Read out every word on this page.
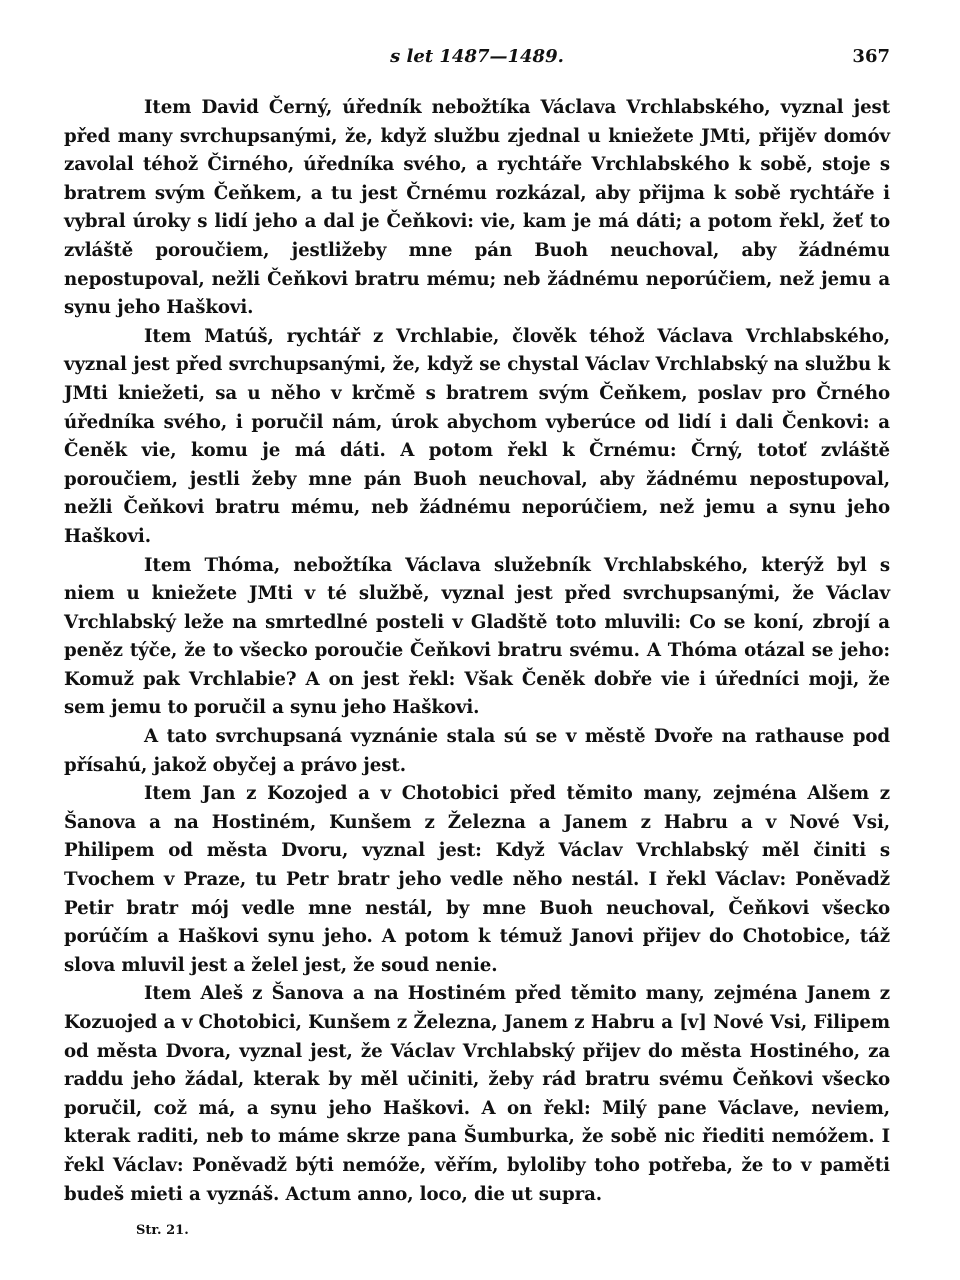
s let 1487—1489.	367

Item David Černý, úředník nebožtíka Václava Vrchlabského, vyznal jest před many svrchupsanými, že, když službu zjednal u kniežete JMti, přijěv domóv zavolal téhož Čirného, úředníka svého, a rychtáře Vrchlabského k sobě, stoje s bratrem svým Čeňkem, a tu jest Črnému rozkázal, aby přijma k sobě rychtáře i vybral úroky s lidí jeho a dal je Čeňkovi: vie, kam je má dáti; a potom řekl, žeť to zvláště poroučiem, jestližeby mne pán Buoh neuchoval, aby žádnému nepostupoval, nežli Čeňkovi bratru mému; neb žádnému neporúčiem, než jemu a synu jeho Haškovi.

Item Matúš, rychtář z Vrchlabie, člověk téhož Václava Vrchlabského, vyznal jest před svrchupsanými, že, když se chystal Václav Vrchlabský na službu k JMti kniežeti, sa u něho v krčmě s bratrem svým Čeňkem, poslav pro Črného úředníka svého, i poručil nám, úrok abychom vyberúce od lidí i dali Čenkovi: a Čeněk vie, komu je má dáti. A potom řekl k Črnému: Črný, totoť zvláště poroučiem, jestli žeby mne pán Buoh neuchoval, aby žádnému nepostupoval, nežli Čeňkovi bratru mému, neb žádnému neporúčiem, než jemu a synu jeho Haškovi.

Item Thóma, nebožtíka Václava služebník Vrchlabského, kterýž byl s niem u kniežete JMti v té službě, vyznal jest před svrchupsanými, že Václav Vrchlabský leže na smrtedlné posteli v Gladště toto mluvili: Co se koní, zbrojí a peněz týče, že to všecko poroučie Čeňkovi bratru svému. A Thóma otázal se jeho: Komuž pak Vrchlabie? A on jest řekl: Však Čeněk dobře vie i úředníci moji, že sem jemu to poručil a synu jeho Haškovi.

A tato svrchupsaná vyznánie stala sú se v městě Dvoře na rathause pod přísahú, jakož obyčej a právo jest.

Item Jan z Kozojed a v Chotobici před těmito many, zejména Alšem z Šanova a na Hostiném, Kunšem z Železna a Janem z Habru a v Nové Vsi, Philipem od města Dvoru, vyznal jest: Když Václav Vrchlabský měl činiti s Tvochem v Praze, tu Petr bratr jeho vedle něho nestál. I řekl Václav: Poněvadž Petir bratr mój vedle mne nestál, by mne Buoh neuchoval, Čeňkovi všecko porúčím a Haškovi synu jeho. A potom k témuž Janovi přijev do Chotobice, táž slova mluvil jest a želel jest, že soud nenie.

Item Aleš z Šanova a na Hostiném před těmito many, zejména Janem z Kozuojed a v Chotobici, Kunšem z Železna, Janem z Habru a [v] Nové Vsi, Filipem od města Dvora, vyznal jest, že Václav Vrchlabský přijev do města Hostiného, za raddu jeho žádal, kterak by měl učiniti, žeby rád bratru svému Čeňkovi všecko poručil, což má, a synu jeho Haškovi. A on řekl: Milý pane Václave, neviem, kterak raditi, neb to máme skrze pana Šumburka, že sobě nic řiediti nemóžem. I řekl Václav: Poněvadž býti nemóže, věřím, byloliby toho potřeba, že to v paměti budeš mieti a vyznáš. Actum anno, loco, die ut supra.

Str. 21.
